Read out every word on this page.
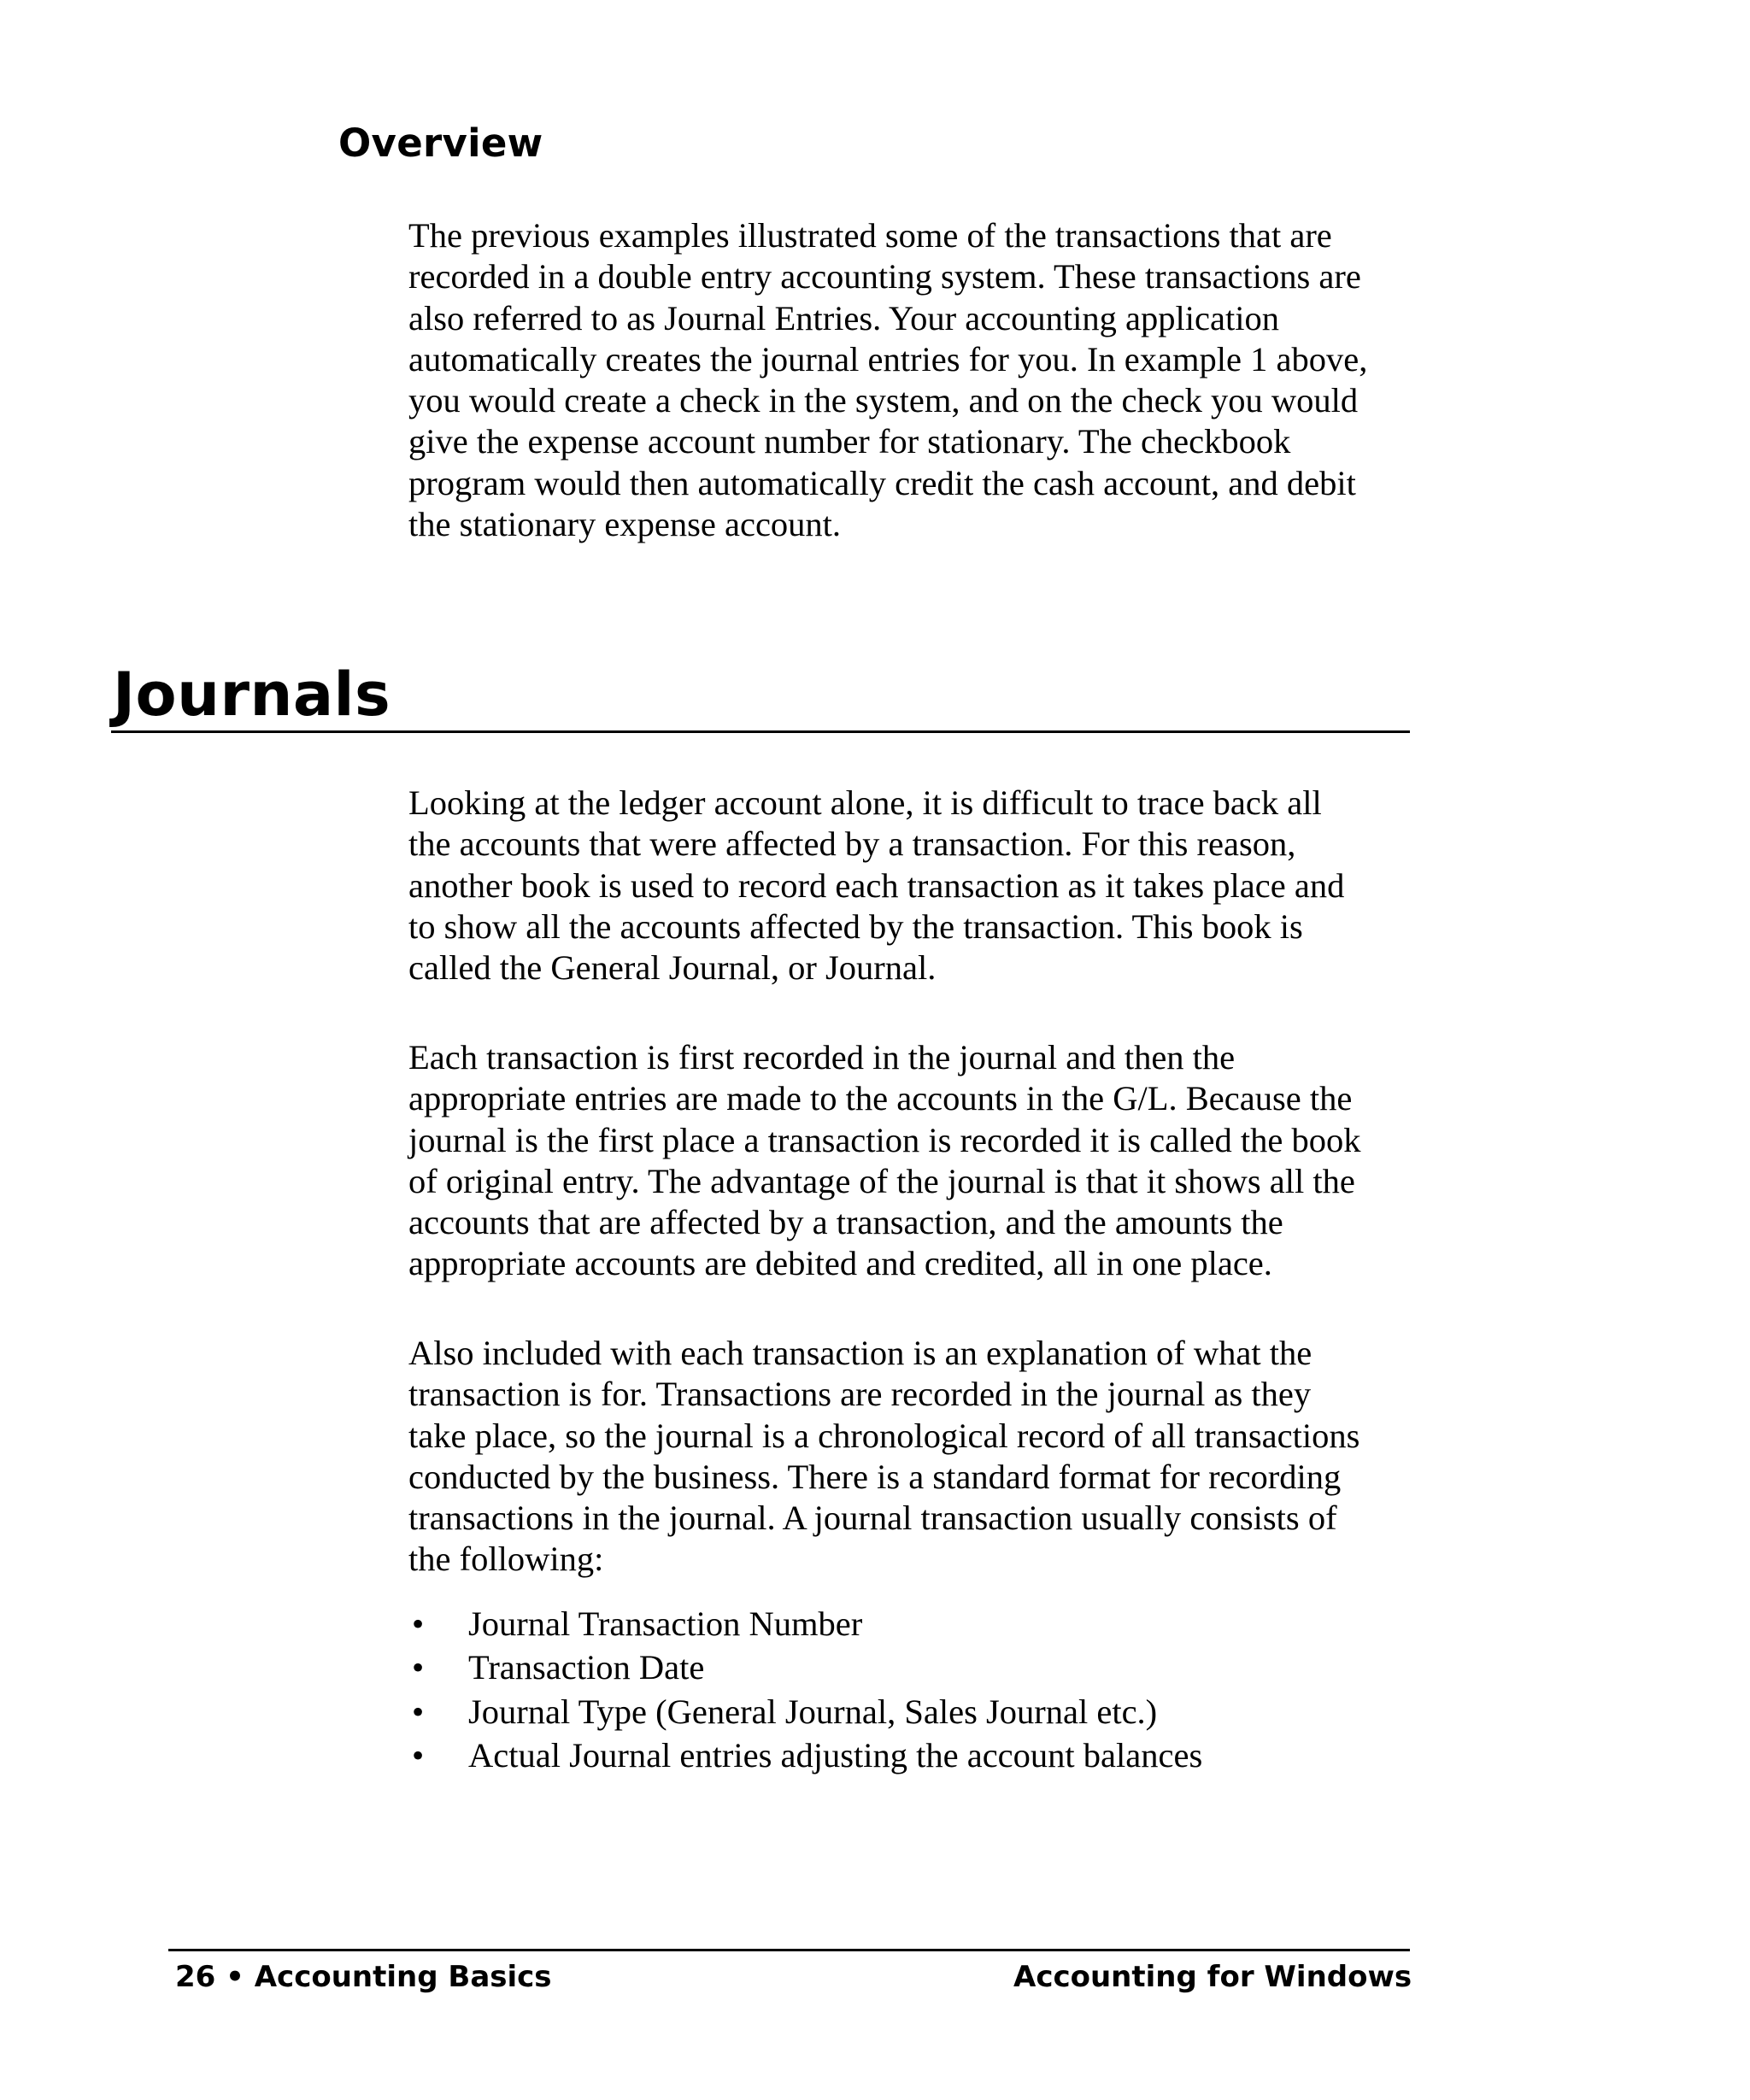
Overview

The previous examples illustrated some of the transactions that are
recorded in a double entry accounting system. These transactions are
also referred to as Journal Entries. Your accounting application
automatically creates the journal entries for you. In example 1 above,
you would create a check in the system, and on the check you would
give the expense account number for stationary. The checkbook
program would then automatically credit the cash account, and debit
the stationary expense account.

Journals

Looking at the ledger account alone, it is difficult to trace back all
the accounts that were affected by a transaction. For this reason,
another book is used to record each transaction as it takes place and
to show all the accounts affected by the transaction. This book is
called the General Journal, or Journal.

Each transaction is first recorded in the journal and then the
appropriate entries are made to the accounts in the G/L. Because the
journal is the first place a transaction is recorded it is called the book
of original entry. The advantage of the journal is that it shows all the
accounts that are affected by a transaction, and the amounts the
appropriate accounts are debited and credited, all in one place.

Also included with each transaction is an explanation of what the
transaction is for. Transactions are recorded in the journal as they
take place, so the journal is a chronological record of all transactions
conducted by the business. There is a standard format for recording
transactions in the journal. A journal transaction usually consists of
the following:

• Journal Transaction Number
• Transaction Date
• Journal Type (General Journal, Sales Journal etc.)
• Actual Journal entries adjusting the account balances
26 • Accounting Basics	Accounting for Windows
